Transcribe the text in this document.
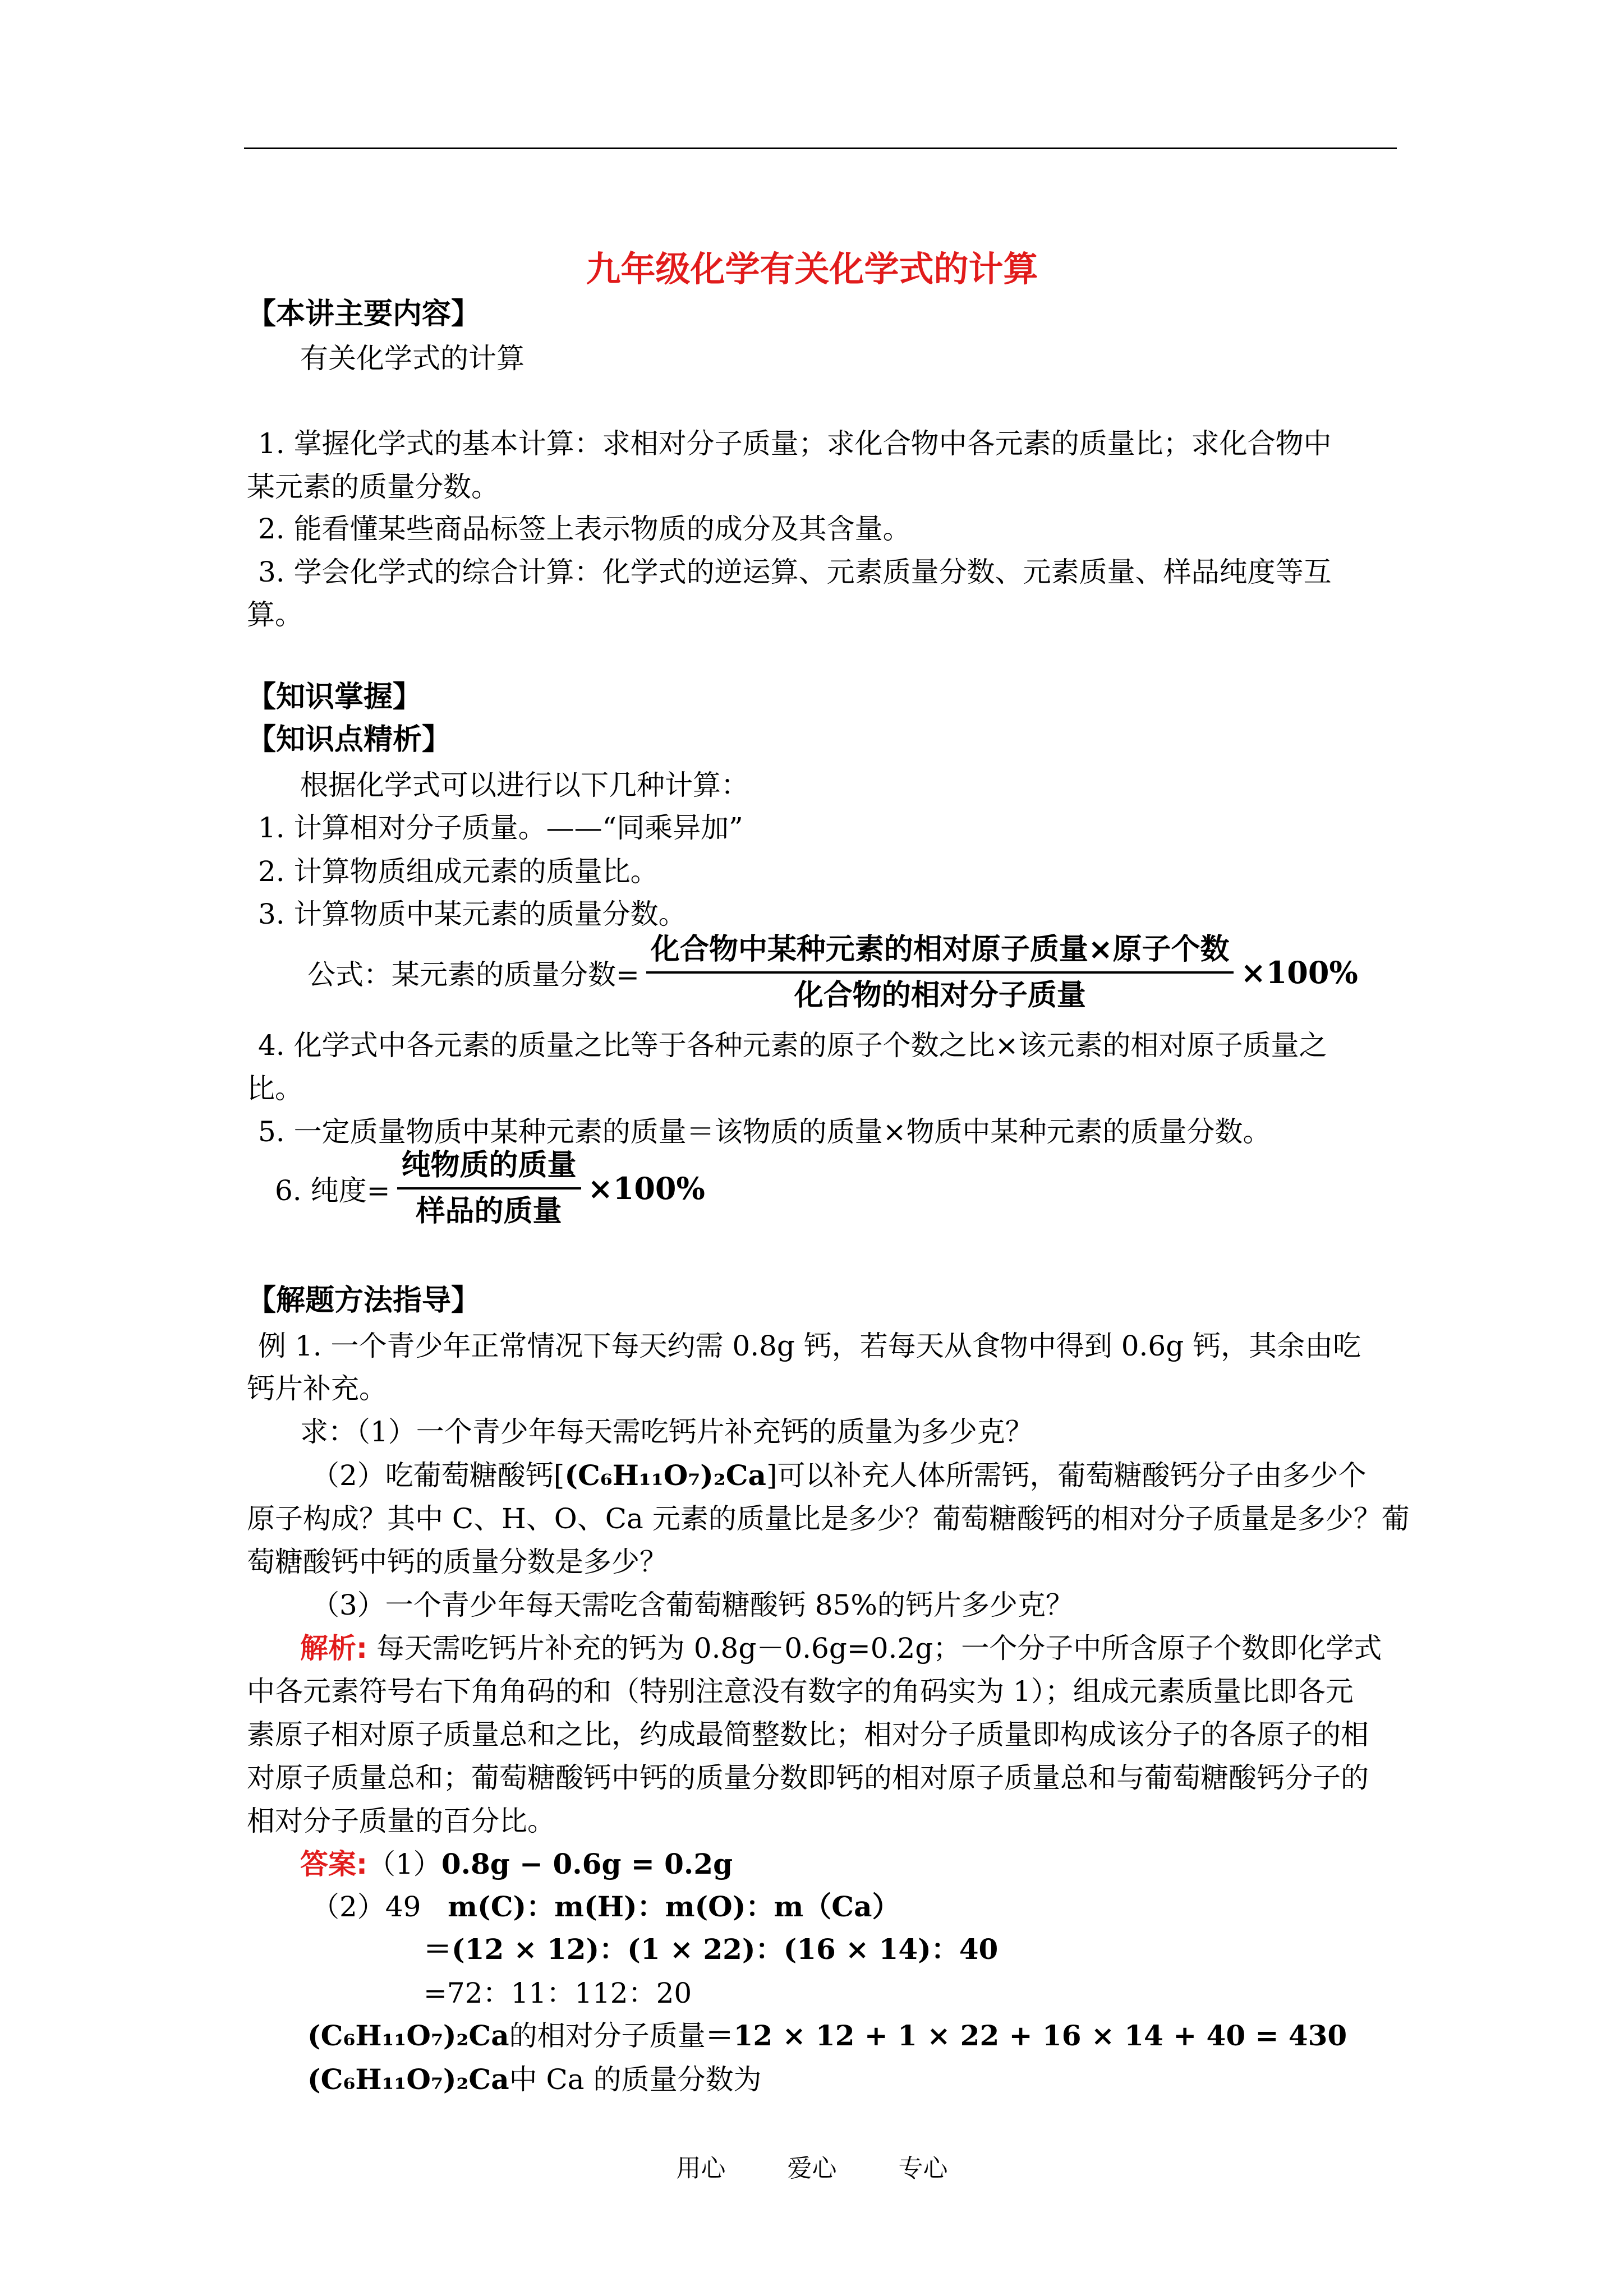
九年级化学有关化学式的计算
【本讲主要内容】
有关化学式的计算
1. 掌握化学式的基本计算：求相对分子质量；求化合物中各元素的质量比；求化合物中
某元素的质量分数。
2. 能看懂某些商品标签上表示物质的成分及其含量。
3. 学会化学式的综合计算：化学式的逆运算、元素质量分数、元素质量、样品纯度等互
算。
【知识掌握】
【知识点精析】
根据化学式可以进行以下几种计算：
1. 计算相对分子质量。——“同乘异加”
2. 计算物质组成元素的质量比。
3. 计算物质中某元素的质量分数。
公式：某元素的质量分数= $\frac{\text{化合物中某种元素的相对原子质量×原子个数}}{\text{化合物的相对分子质量}} \times 100\%$
4. 化学式中各元素的质量之比等于各种元素的原子个数之比×该元素的相对原子质量之
比。
5. 一定质量物质中某种元素的质量＝该物质的质量×物质中某种元素的质量分数。
6. 纯度= $\frac{\text{纯物质的质量}}{\text{样品的质量}} \times 100\%$
【解题方法指导】
例 1. 一个青少年正常情况下每天约需 0.8g 钙，若每天从食物中得到 0.6g 钙，其余由吃
钙片补充。
求：（1）一个青少年每天需吃钙片补充钙的质量为多少克？
（2）吃葡萄糖酸钙[(C₆H₁₁O₇)₂Ca]可以补充人体所需钙，葡萄糖酸钙分子由多少个
原子构成？其中 C、H、O、Ca 元素的质量比是多少？葡萄糖酸钙的相对分子质量是多少？葡
萄糖酸钙中钙的质量分数是多少？
（3）一个青少年每天需吃含葡萄糖酸钙 85%的钙片多少克？
解析: 每天需吃钙片补充的钙为 0.8g－0.6g=0.2g；一个分子中所含原子个数即化学式
中各元素符号右下角角码的和（特别注意没有数字的角码实为 1）；组成元素质量比即各元
素原子相对原子质量总和之比，约成最简整数比；相对分子质量即构成该分子的各原子的相
对原子质量总和；葡萄糖酸钙中钙的质量分数即钙的相对原子质量总和与葡萄糖酸钙分子的
相对分子质量的百分比。
答案:（1）0.8g − 0.6g = 0.2g
（2）49 m(C)：m(H)：m(O)：m（Ca）
＝(12 × 12)：(1 × 22)：(16 × 14)：40
=72：11：112：20
(C₆H₁₁O₇)₂Ca的相对分子质量＝12 × 12 + 1 × 22 + 16 × 14 + 40 = 430
(C₆H₁₁O₇)₂Ca中 Ca 的质量分数为
用心	爱心	专心
